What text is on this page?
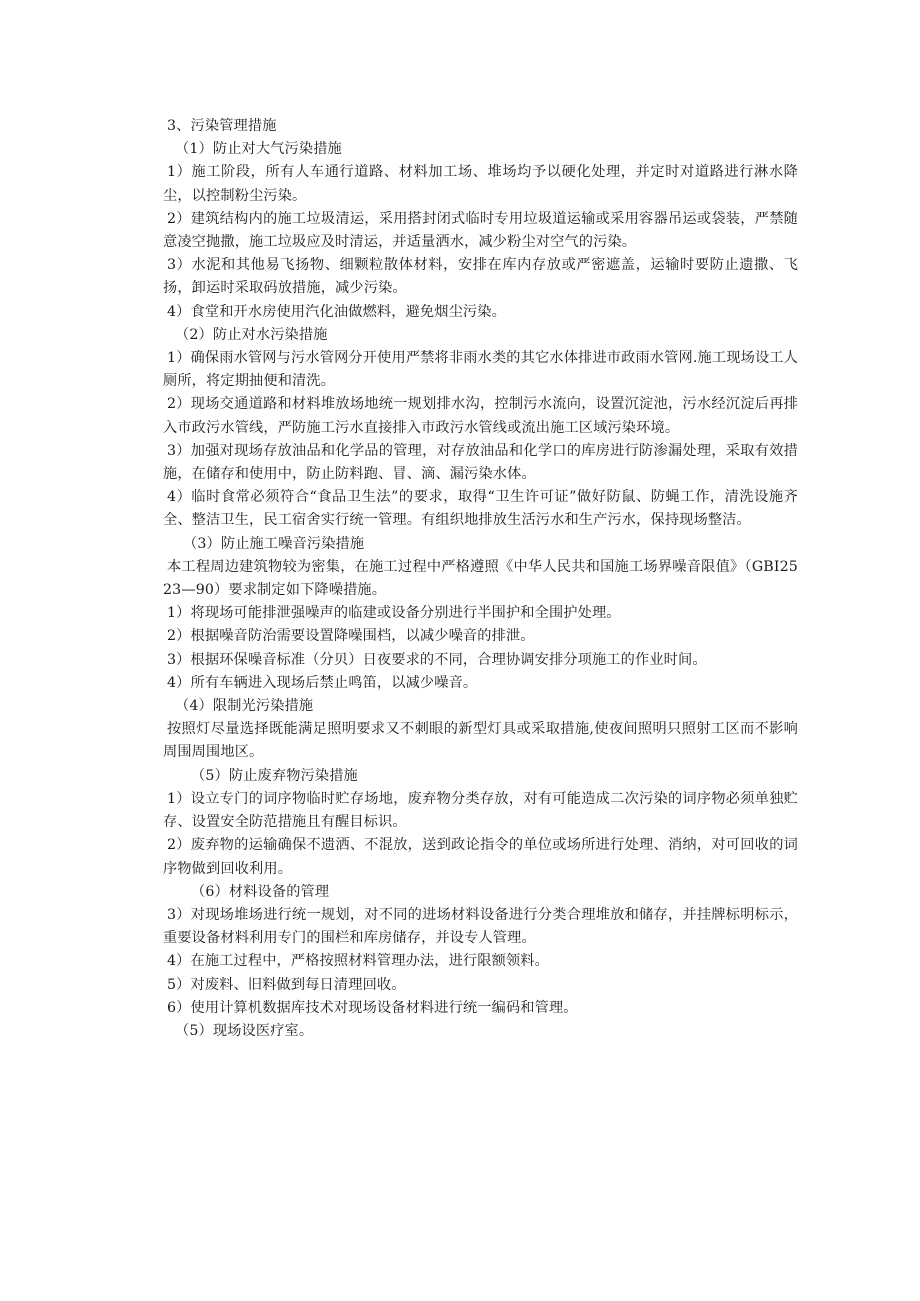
3、污染管理措施

（1）防止对大气污染措施

1）施工阶段，所有人车通行道路、材料加工场、堆场均予以硬化处理，并定时对道路进行淋水降尘，以控制粉尘污染。

2）建筑结构内的施工垃圾清运，采用搭封闭式临时专用垃圾道运输或采用容器吊运或袋装，严禁随意凌空抛撒，施工垃圾应及时清运，并适量洒水，减少粉尘对空气的污染。

3）水泥和其他易飞扬物、细颗粒散体材料，安排在库内存放或严密遮盖，运输时要防止遗撒、飞扬，卸运时采取码放措施，减少污染。

4）食堂和开水房使用汽化油做燃料，避免烟尘污染。

（2）防止对水污染措施

1）确保雨水管网与污水管网分开使用严禁将非雨水类的其它水体排进市政雨水管网.施工现场设工人厕所，将定期抽便和清洗。

2）现场交通道路和材料堆放场地统一规划排水沟，控制污水流向，设置沉淀池，污水经沉淀后再排入市政污水管线，严防施工污水直接排入市政污水管线或流出施工区域污染环境。

3）加强对现场存放油品和化学品的管理，对存放油品和化学口的库房进行防渗漏处理，采取有效措施，在储存和使用中，防止防料跑、冒、滴、漏污染水体。

4）临时食常必须符合“食品卫生法”的要求，取得“卫生许可证”做好防鼠、防蝇工作，清洗设施齐全、整洁卫生，民工宿舍实行统一管理。有组织地排放生活污水和生产污水，保持现场整洁。

（3）防止施工噪音污染措施

本工程周边建筑物较为密集，在施工过程中严格遵照《中华人民共和国施工场界噪音限值》（GBI2523—90）要求制定如下降噪措施。

1）将现场可能排泄强噪声的临建或设备分别进行半围护和全围护处理。

2）根据噪音防治需要设置降噪围档，以减少噪音的排泄。

3）根据环保噪音标准（分贝）日夜要求的不同，合理协调安排分项施工的作业时间。

4）所有车辆进入现场后禁止鸣笛，以减少噪音。

（4）限制光污染措施

按照灯尽量选择既能满足照明要求又不刺眼的新型灯具或采取措施,使夜间照明只照射工区而不影响周围周围地区。

（5）防止废弃物污染措施

1）设立专门的词序物临时贮存场地，废弃物分类存放，对有可能造成二次污染的词序物必须单独贮存、设置安全防范措施且有醒目标识。

2）废弃物的运输确保不遗洒、不混放，送到政论指令的单位或场所进行处理、消纳，对可回收的词序物做到回收利用。

（6）材料设备的管理

3）对现场堆场进行统一规划，对不同的进场材料设备进行分类合理堆放和储存，并挂牌标明标示，重要设备材料利用专门的围栏和库房储存，并设专人管理。

4）在施工过程中，严格按照材料管理办法，进行限额领料。

5）对废料、旧料做到每日清理回收。

6）使用计算机数据库技术对现场设备材料进行统一编码和管理。

（5）现场设医疗室。
